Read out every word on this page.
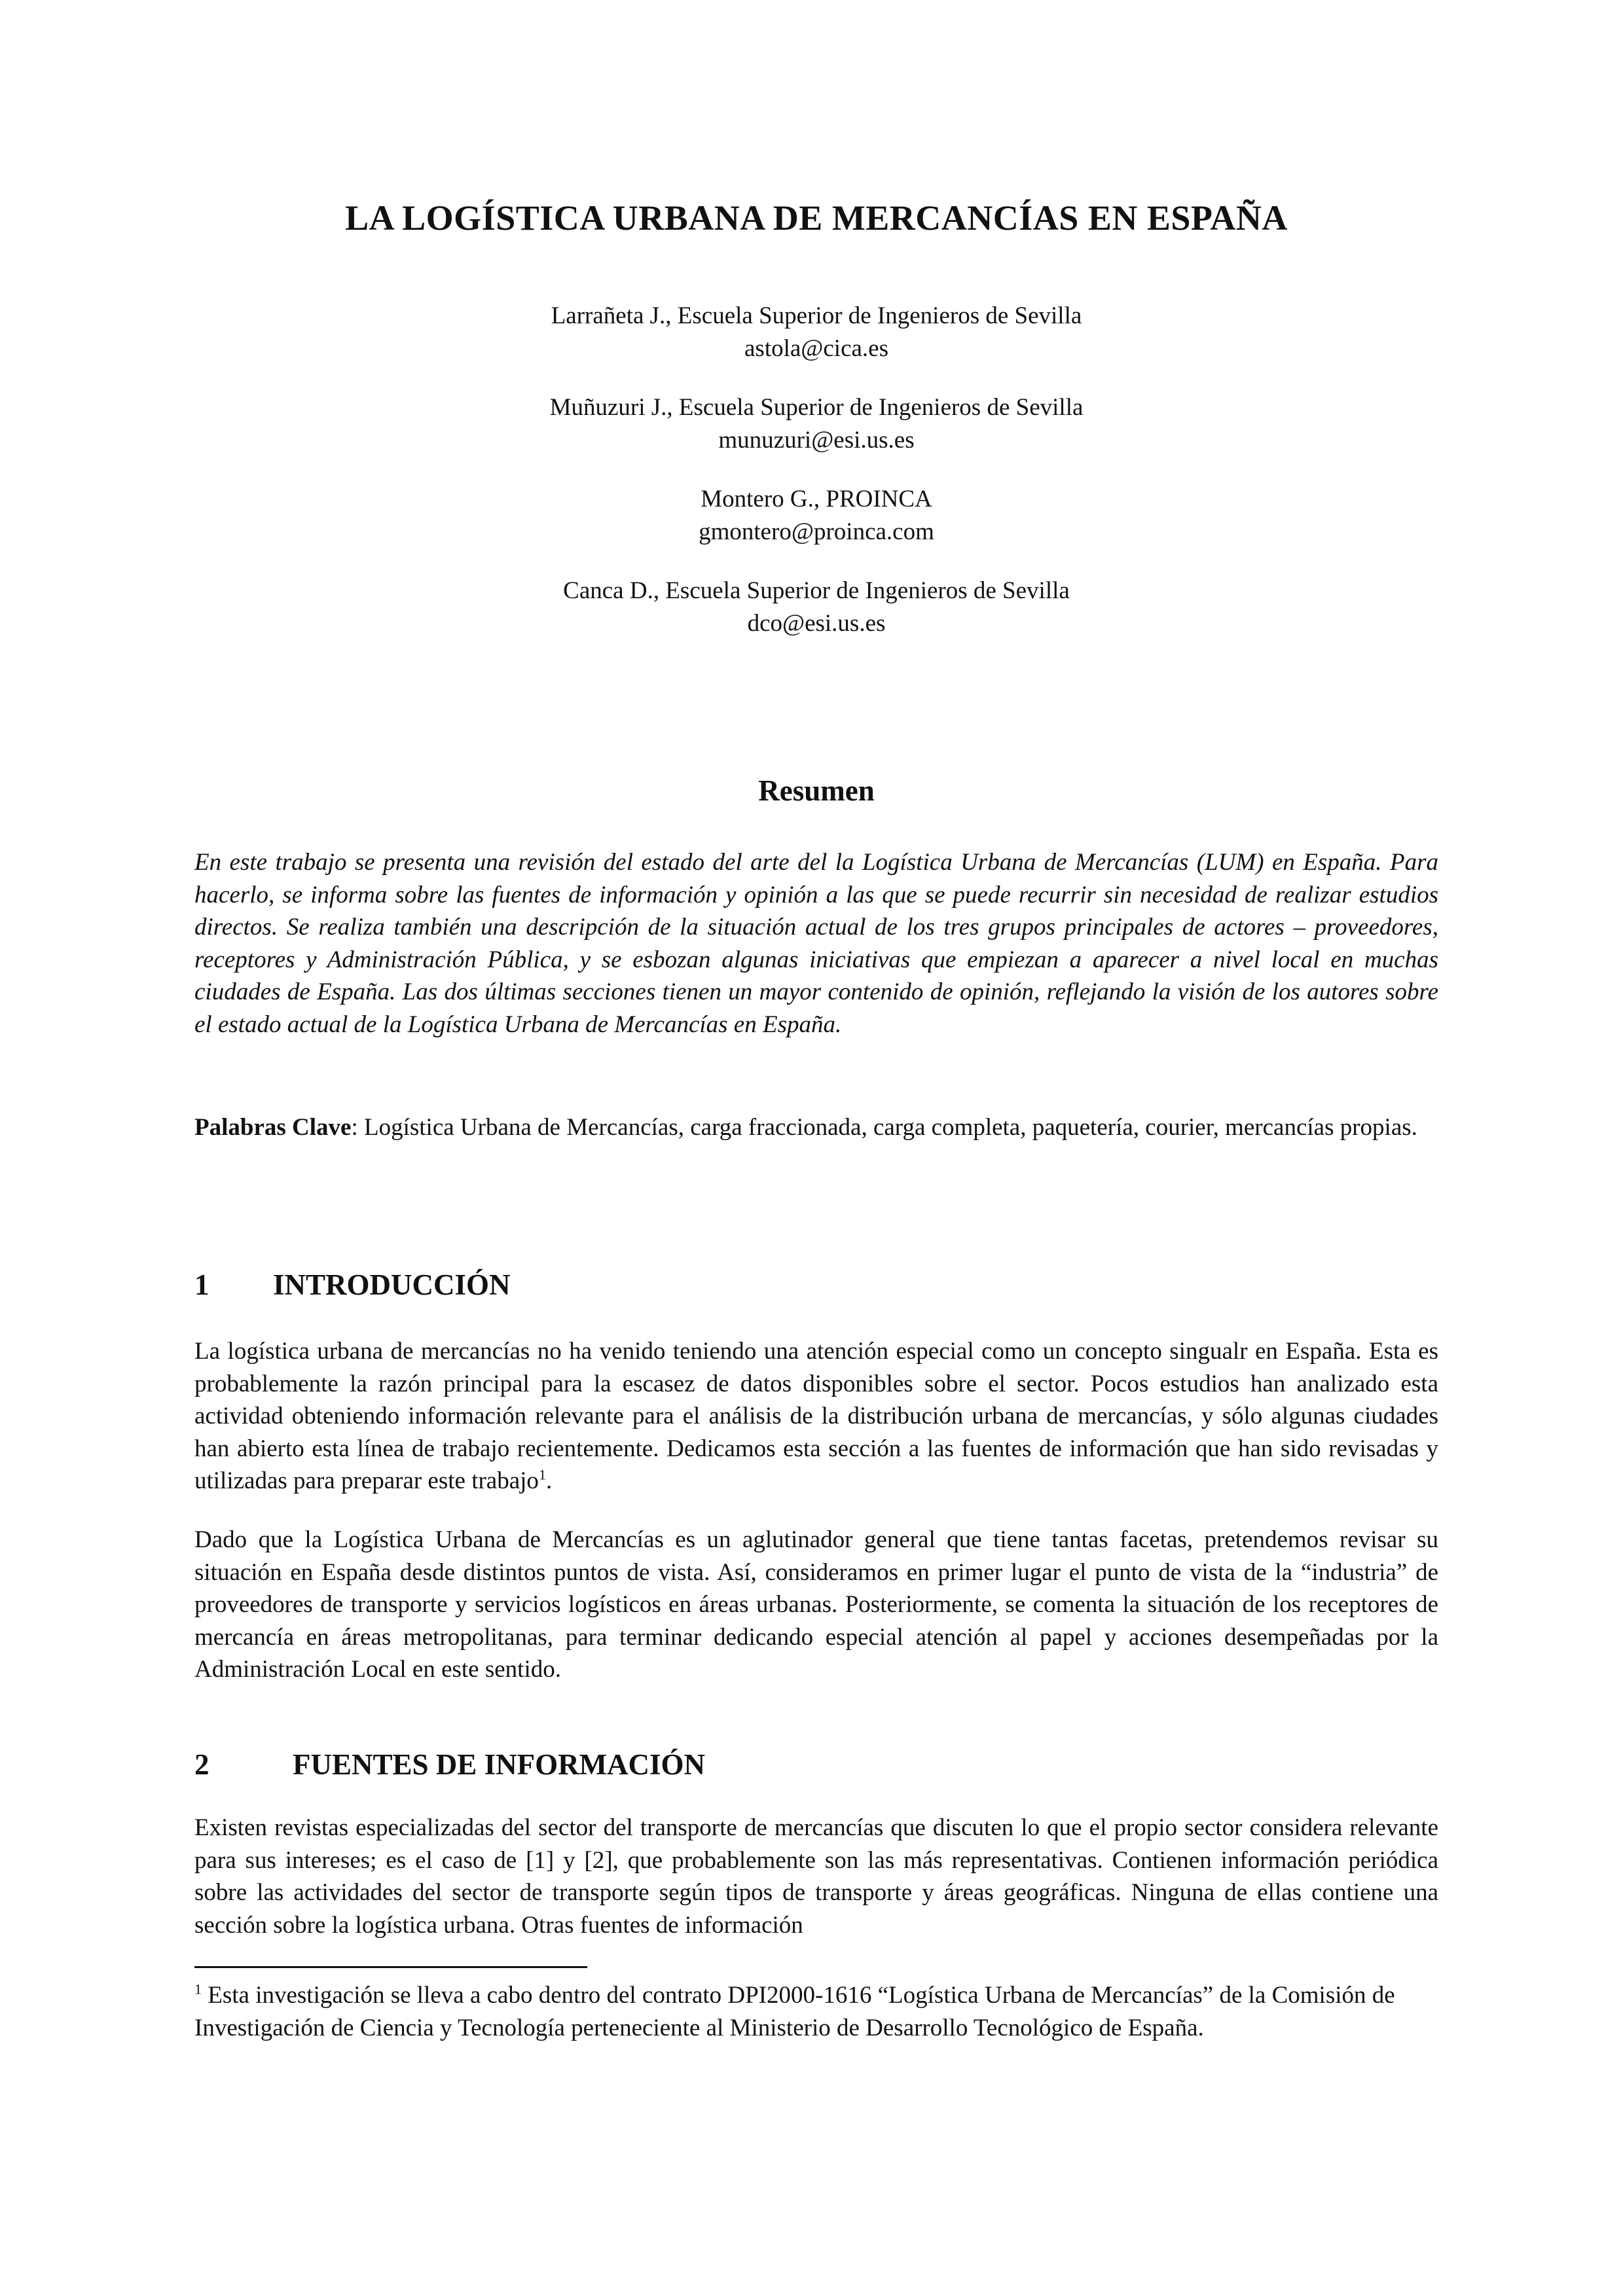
LA LOGÍSTICA URBANA DE MERCANCÍAS EN ESPAÑA
Larrañeta J., Escuela Superior de Ingenieros de Sevilla
astola@cica.es
Muñuzuri J., Escuela Superior de Ingenieros de Sevilla
munuzuri@esi.us.es
Montero G., PROINCA
gmontero@proinca.com
Canca D., Escuela Superior de Ingenieros de Sevilla
dco@esi.us.es
Resumen

En este trabajo se presenta una revisión del estado del arte del la Logística Urbana de Mercancías (LUM) en España. Para hacerlo, se informa sobre las fuentes de información y opinión a las que se puede recurrir sin necesidad de realizar estudios directos. Se realiza también una descripción de la situación actual de los tres grupos principales de actores – proveedores, receptores y Administración Pública, y se esbozan algunas iniciativas que empiezan a aparecer a nivel local en muchas ciudades de España. Las dos últimas secciones tienen un mayor contenido de opinión, reflejando la visión de los autores sobre el estado actual de la Logística Urbana de Mercancías en España.

Palabras Clave: Logística Urbana de Mercancías, carga fraccionada, carga completa, paquetería, courier, mercancías propias.

1 INTRODUCCIÓN

La logística urbana de mercancías no ha venido teniendo una atención especial como un concepto singualr en España. Esta es probablemente la razón principal para la escasez de datos disponibles sobre el sector. Pocos estudios han analizado esta actividad obteniendo información relevante para el análisis de la distribución urbana de mercancías, y sólo algunas ciudades han abierto esta línea de trabajo recientemente. Dedicamos esta sección a las fuentes de información que han sido revisadas y utilizadas para preparar este trabajo$^1$.

Dado que la Logística Urbana de Mercancías es un aglutinador general que tiene tantas facetas, pretendemos revisar su situación en España desde distintos puntos de vista. Así, consideramos en primer lugar el punto de vista de la “industria” de proveedores de transporte y servicios logísticos en áreas urbanas. Posteriormente, se comenta la situación de los receptores de mercancía en áreas metropolitanas, para terminar dedicando especial atención al papel y acciones desempeñadas por la Administración Local en este sentido.

2	FUENTES DE INFORMACIÓN

Existen revistas especializadas del sector del transporte de mercancías que discuten lo que el propio sector considera relevante para sus intereses; es el caso de [1] y [2], que probablemente son las más representativas. Contienen información periódica sobre las actividades del sector de transporte según tipos de transporte y áreas geográficas. Ninguna de ellas contiene una sección sobre la logística urbana. Otras fuentes de información

$^1$ Esta investigación se lleva a cabo dentro del contrato DPI2000-1616 “Logística Urbana de Mercancías” de la Comisión de Investigación de Ciencia y Tecnología perteneciente al Ministerio de Desarrollo Tecnológico de España.
